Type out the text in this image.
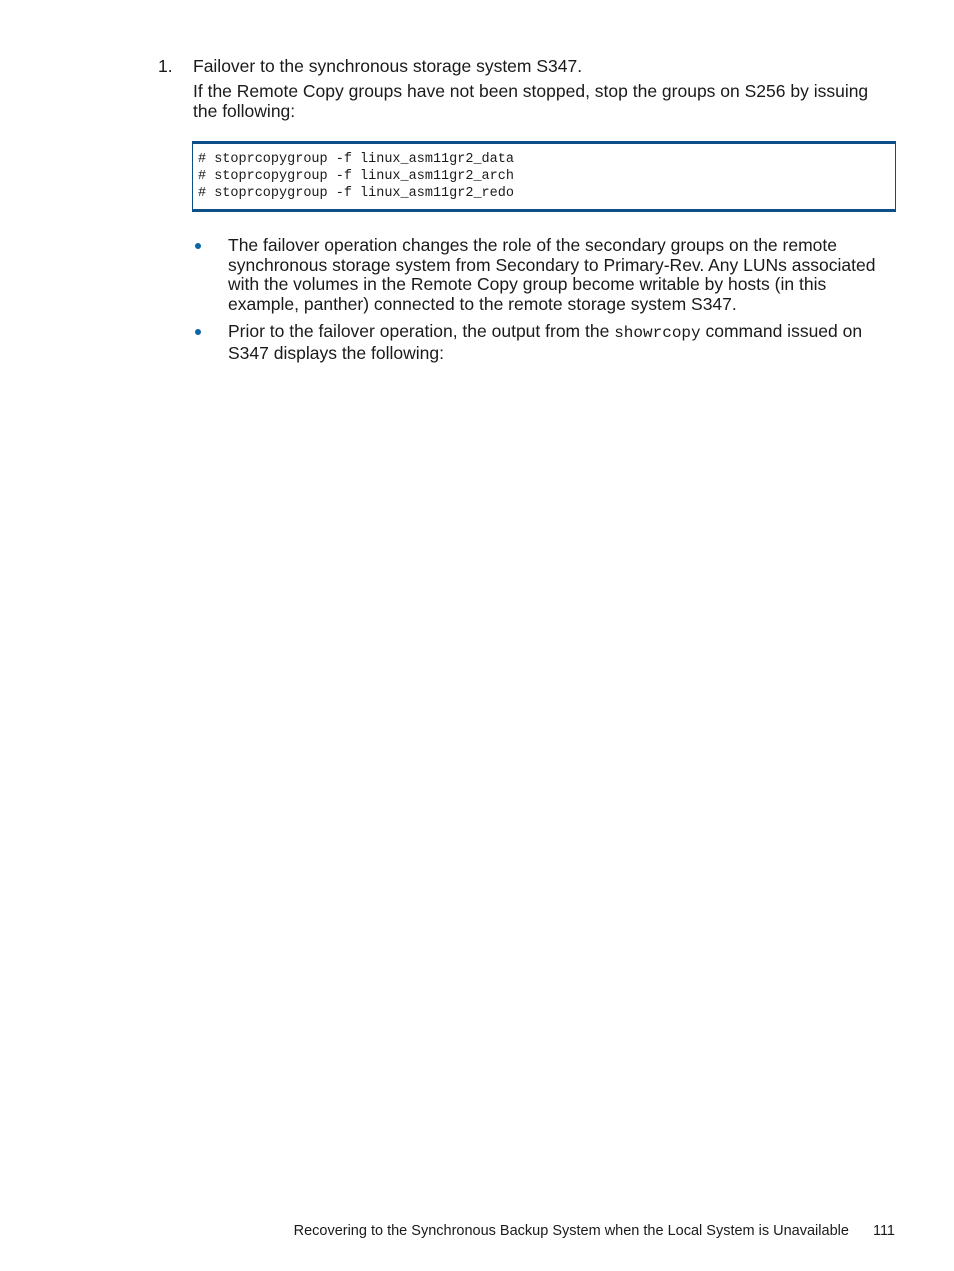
1. Failover to the synchronous storage system S347.
If the Remote Copy groups have not been stopped, stop the groups on S256 by issuing the following:
# stoprcopygroup -f linux_asm11gr2_data
# stoprcopygroup -f linux_asm11gr2_arch
# stoprcopygroup -f linux_asm11gr2_redo
The failover operation changes the role of the secondary groups on the remote synchronous storage system from Secondary to Primary-Rev. Any LUNs associated with the volumes in the Remote Copy group become writable by hosts (in this example, panther) connected to the remote storage system S347.
Prior to the failover operation, the output from the showrcopy command issued on S347 displays the following:
Recovering to the Synchronous Backup System when the Local System is Unavailable 111
